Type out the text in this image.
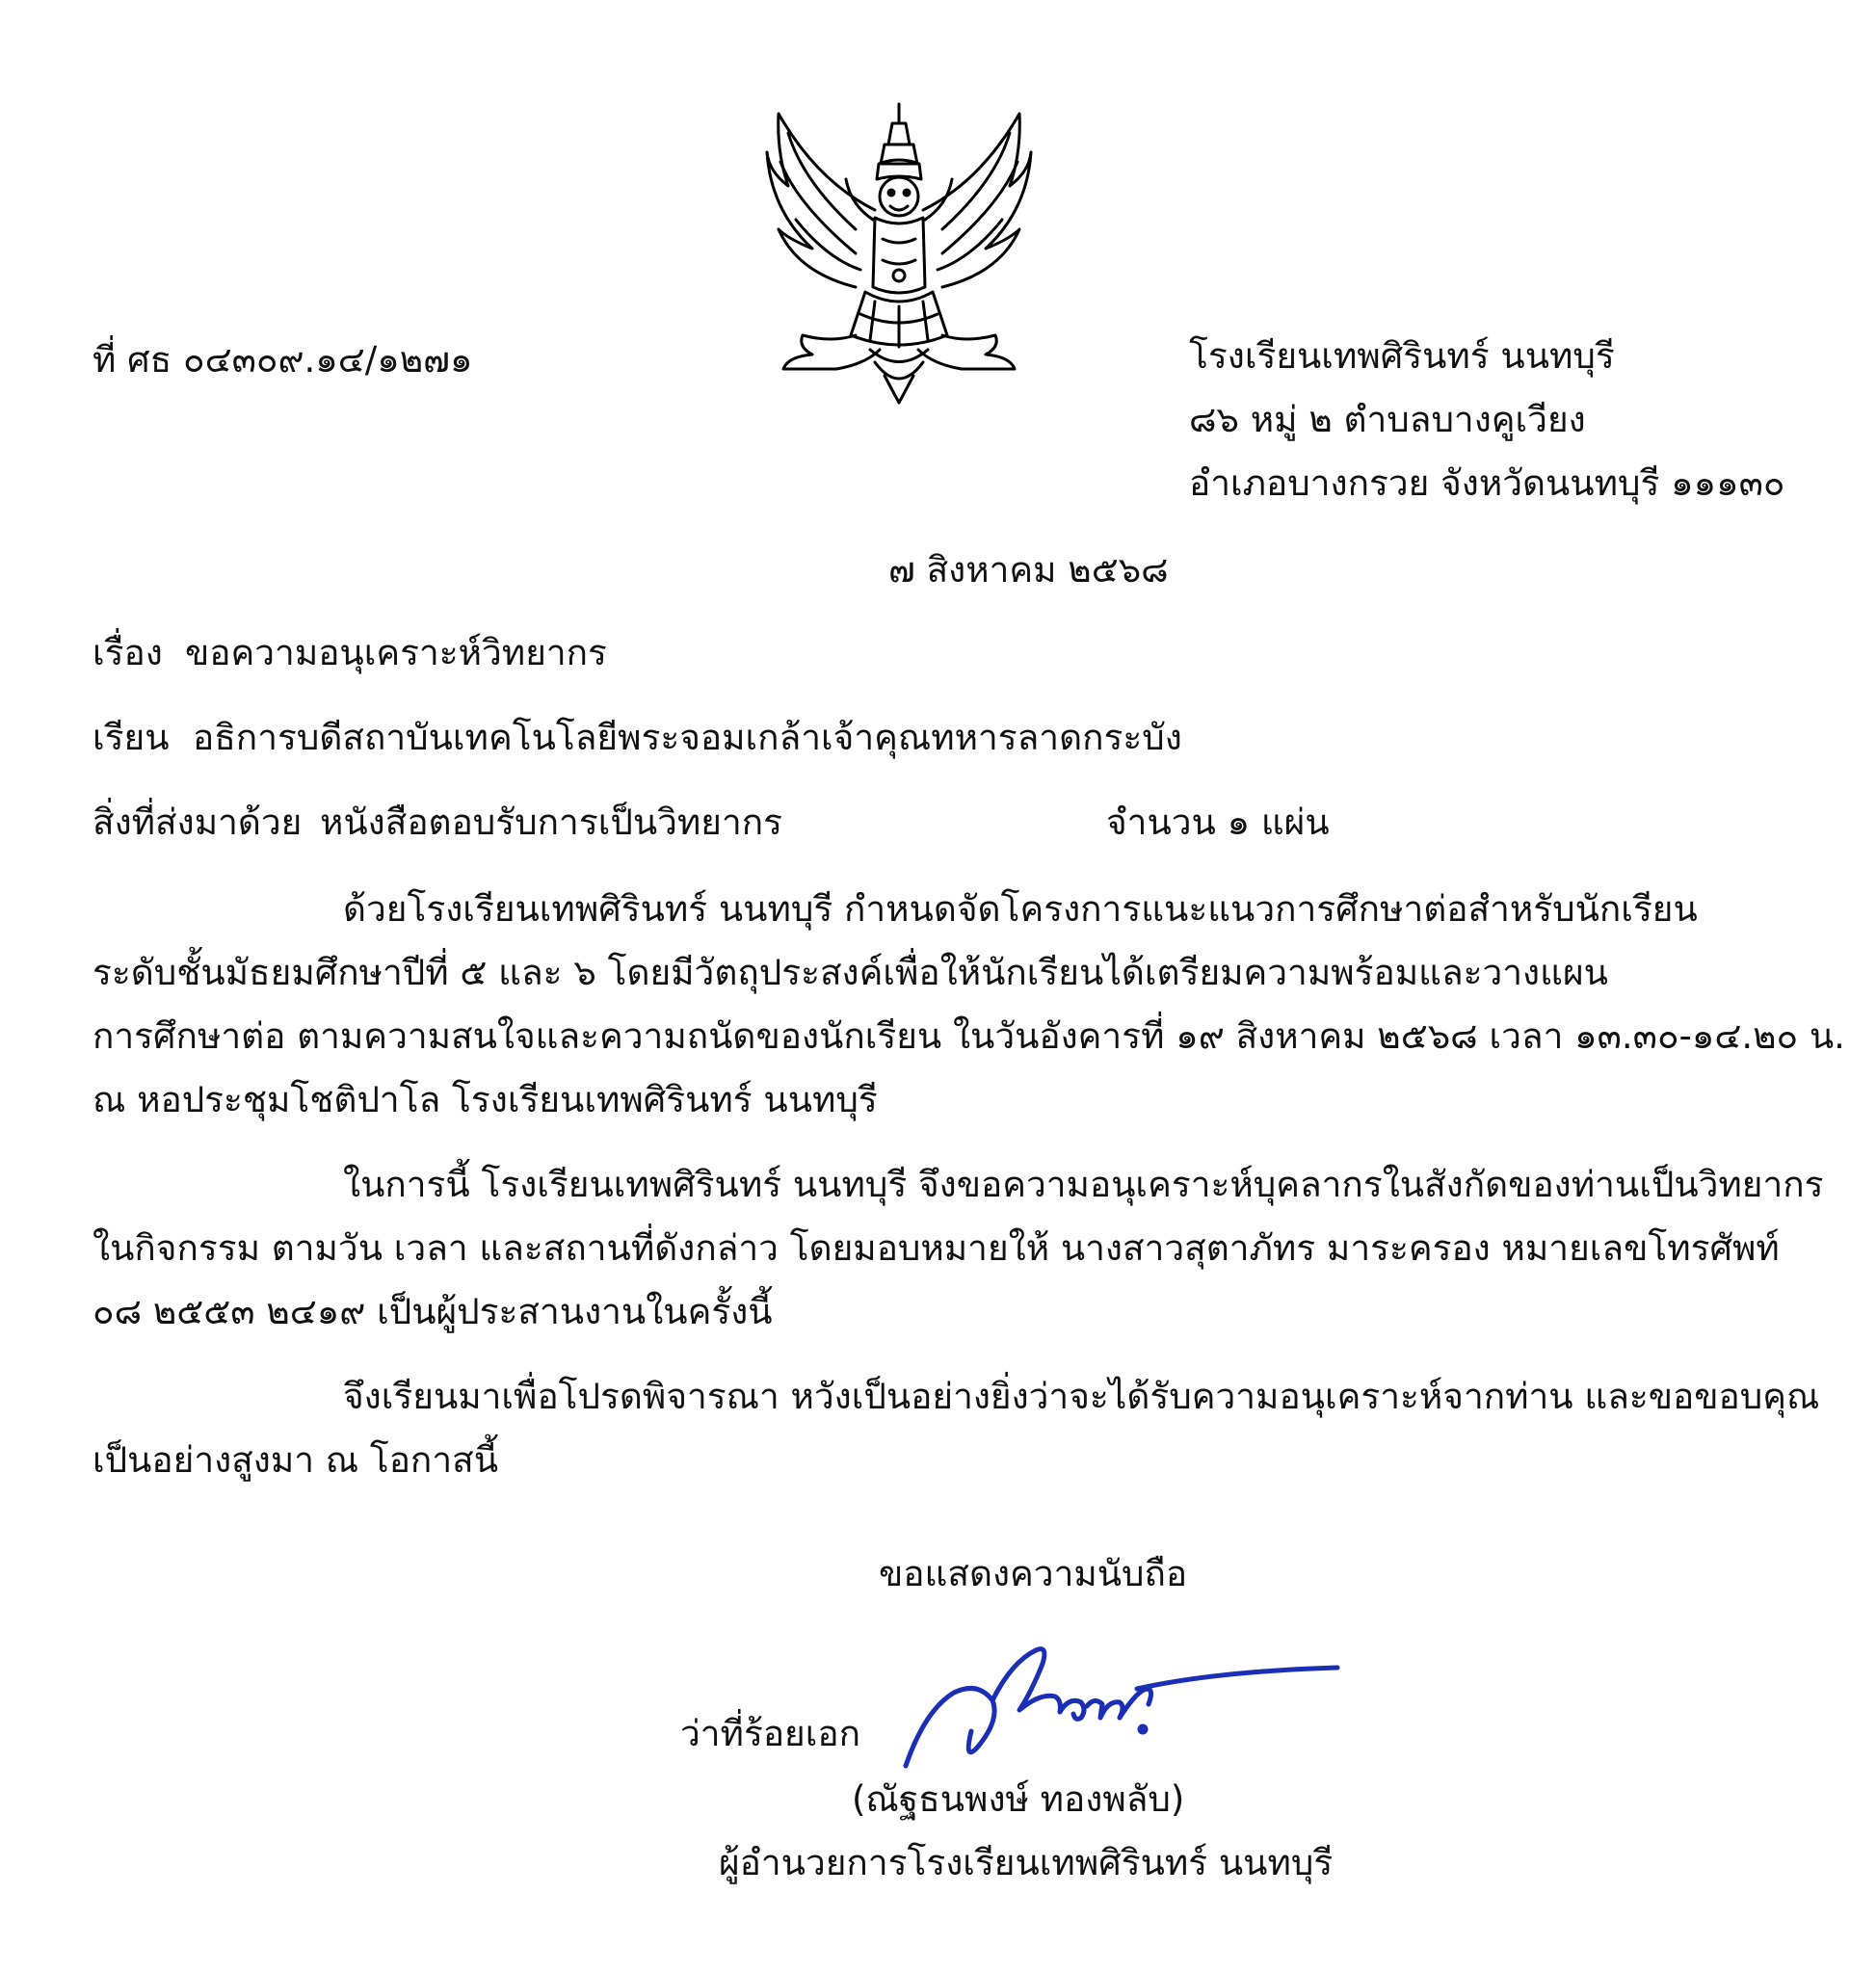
ที่ ศธ ๐๔๓๐๙.๑๔/๑๒๗๑	โรงเรียนเทพศิรินทร์ นนทบุรี
๘๖ หมู่ ๒ ตำบลบางคูเวียง
อำเภอบางกรวย จังหวัดนนทบุรี ๑๑๑๓๐
๗ สิงหาคม ๒๕๖๘
เรื่อง ขอความอนุเคราะห์วิทยากร
เรียน อธิการบดีสถาบันเทคโนโลยีพระจอมเกล้าเจ้าคุณทหารลาดกระบัง
สิ่งที่ส่งมาด้วย หนังสือตอบรับการเป็นวิทยากร	จำนวน ๑ แผ่น
ด้วยโรงเรียนเทพศิรินทร์ นนทบุรี กำหนดจัดโครงการแนะแนวการศึกษาต่อสำหรับนักเรียน
ระดับชั้นมัธยมศึกษาปีที่ ๕ และ ๖ โดยมีวัตถุประสงค์เพื่อให้นักเรียนได้เตรียมความพร้อมและวางแผน
การศึกษาต่อ ตามความสนใจและความถนัดของนักเรียน ในวันอังคารที่ ๑๙ สิงหาคม ๒๕๖๘ เวลา ๑๓.๓๐-๑๔.๒๐ น.
ณ หอประชุมโชติปาโล โรงเรียนเทพศิรินทร์ นนทบุรี
ในการนี้ โรงเรียนเทพศิรินทร์ นนทบุรี จึงขอความอนุเคราะห์บุคลากรในสังกัดของท่านเป็นวิทยากร
ในกิจกรรม ตามวัน เวลา และสถานที่ดังกล่าว โดยมอบหมายให้ นางสาวสุตาภัทร มาระครอง หมายเลขโทรศัพท์
๐๘ ๒๕๕๓ ๒๔๑๙ เป็นผู้ประสานงานในครั้งนี้
จึงเรียนมาเพื่อโปรดพิจารณา หวังเป็นอย่างยิ่งว่าจะได้รับความอนุเคราะห์จากท่าน และขอขอบคุณ
เป็นอย่างสูงมา ณ โอกาสนี้
ขอแสดงความนับถือ
ว่าที่ร้อยเอก
(ณัฐธนพงษ์ ทองพลับ)
ผู้อำนวยการโรงเรียนเทพศิรินทร์ นนทบุรี
